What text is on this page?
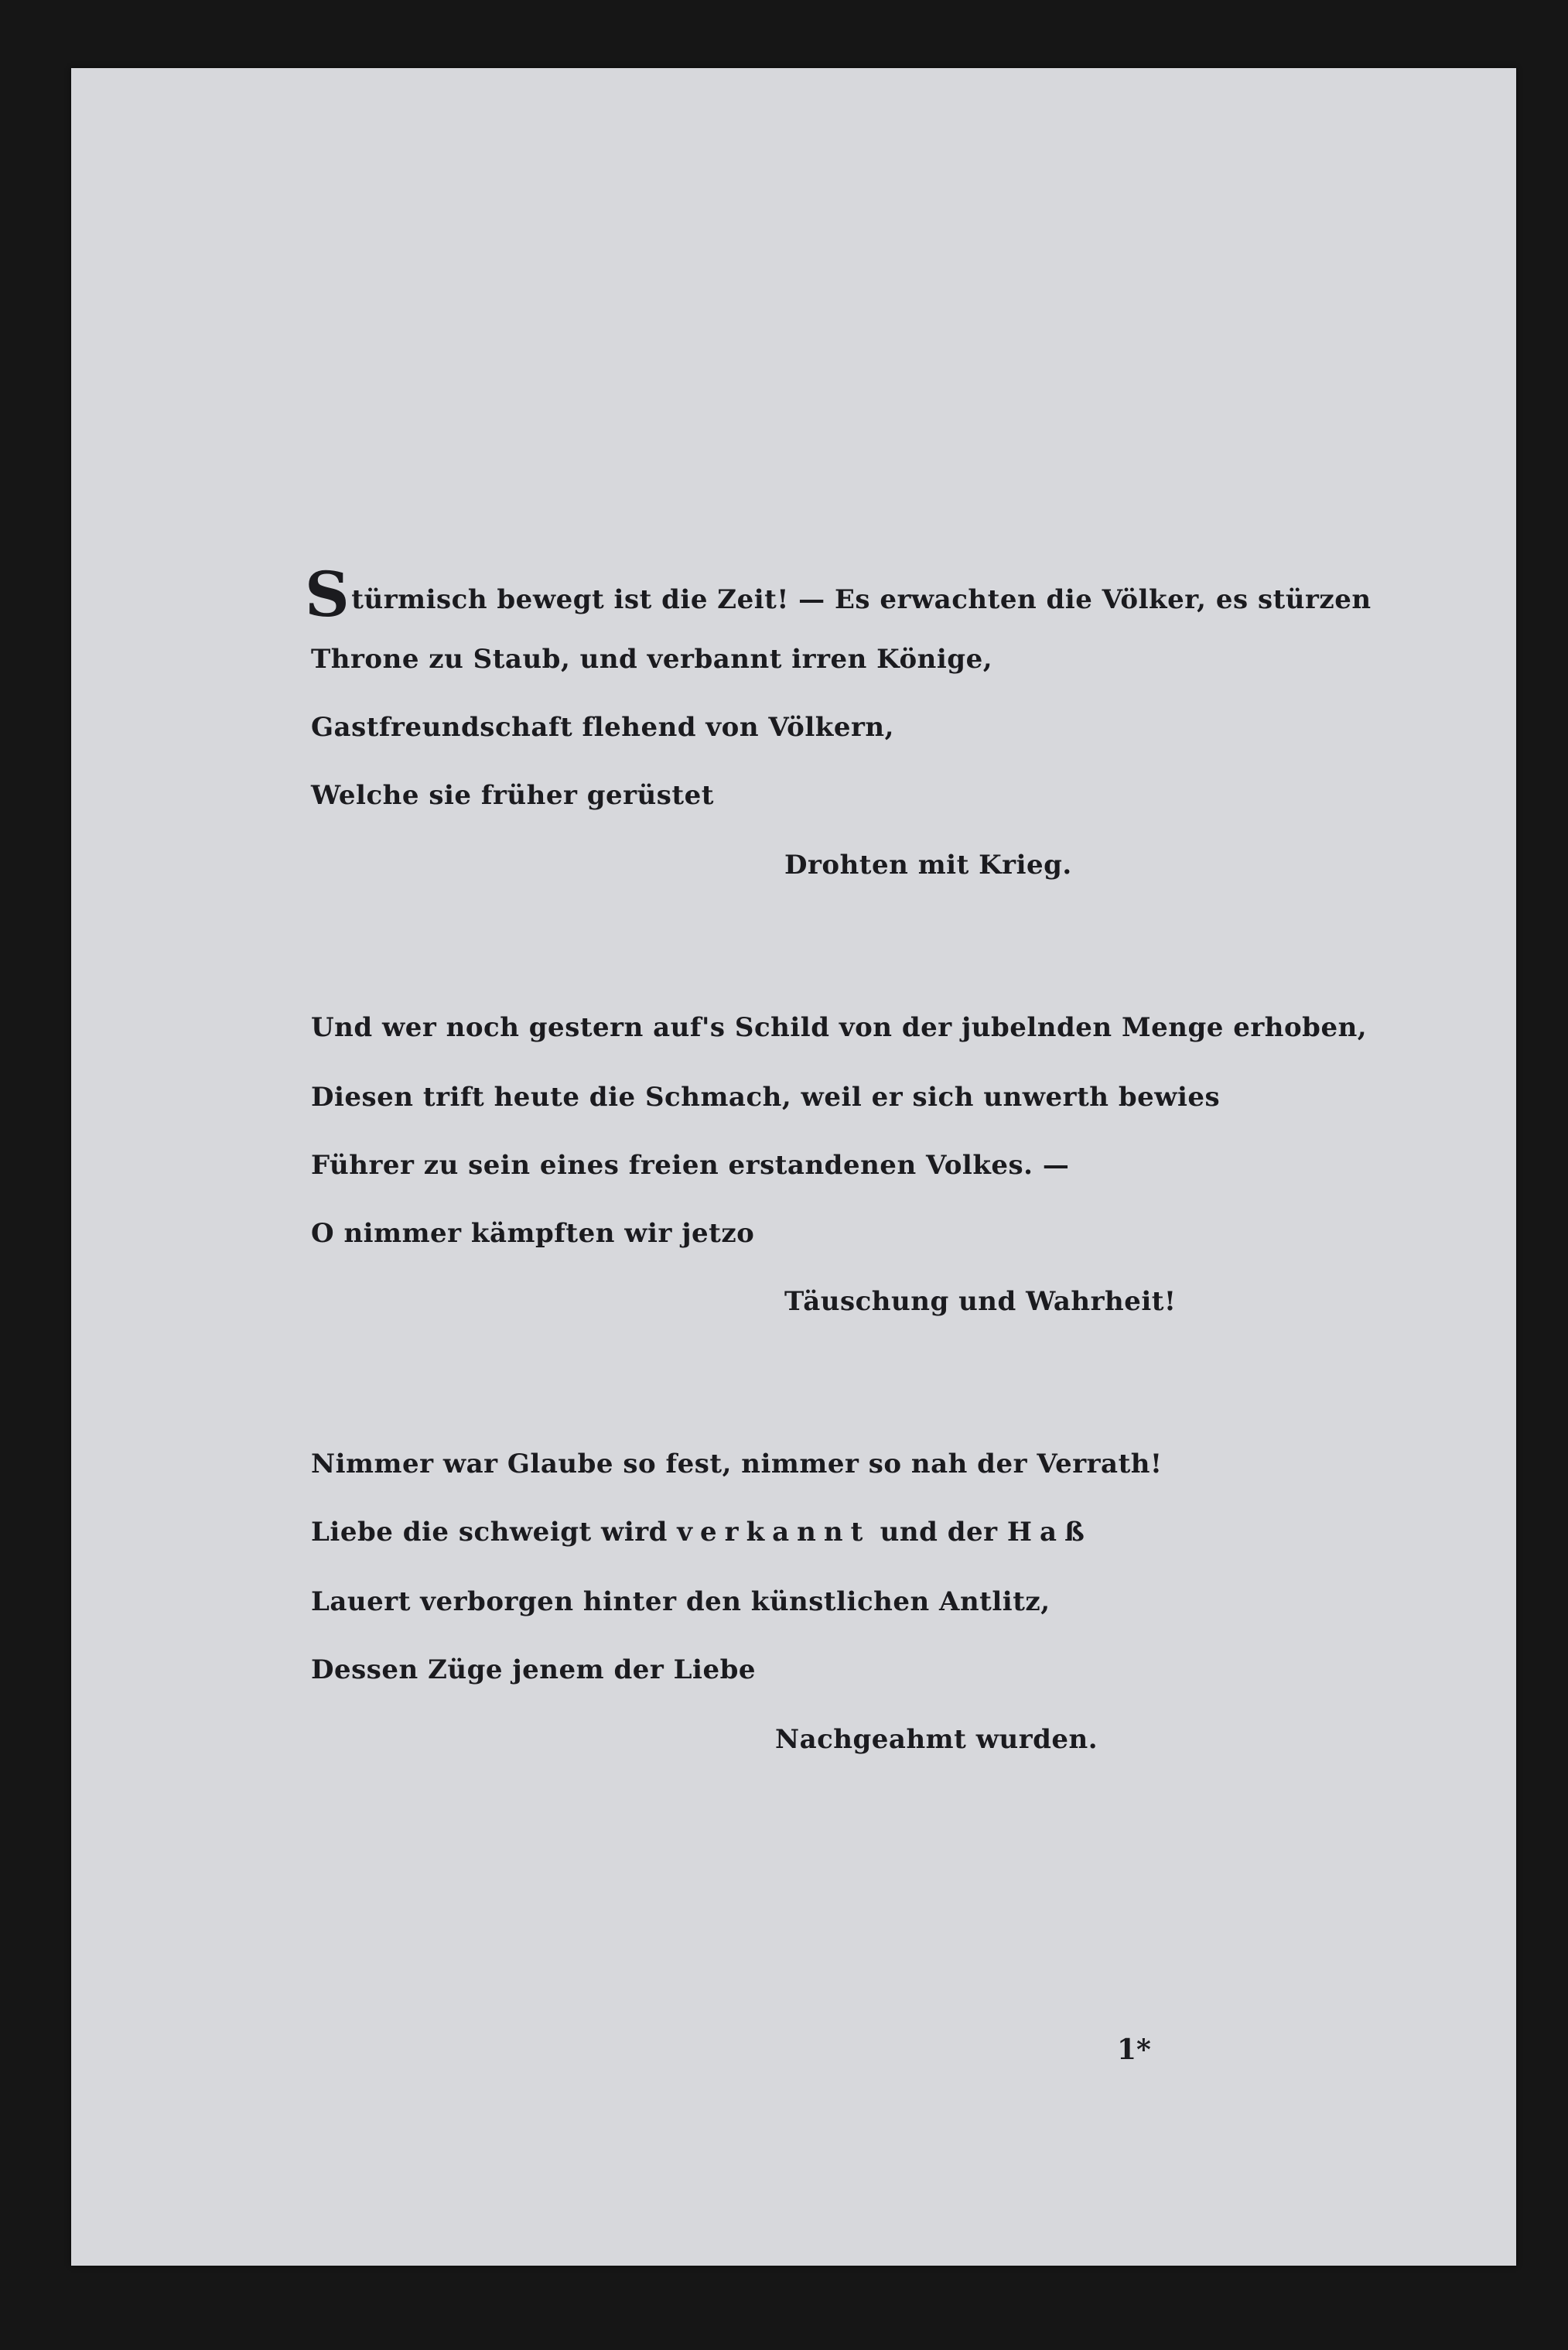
Stürmisch bewegt ist die Zeit! — Es erwachten die Völker, es stürzen
Throne zu Staub, und verbannt irren Könige,
Gastfreundschaft flehend von Völkern,
Welche sie früher gerüstet
Drohten mit Krieg.
Und wer noch gestern auf's Schild von der jubelnden Menge erhoben,
Diesen trift heute die Schmach, weil er sich unwerth bewies
Führer zu sein eines freien erstandenen Volkes. —
O nimmer kämpften wir jetzo
Täuschung und Wahrheit!
Nimmer war Glaube so fest, nimmer so nah der Verrath!
Liebe die schweigt wird verkannt und der Haß
Lauert verborgen hinter den künstlichen Antlitz,
Dessen Züge jenem der Liebe
Nachgeahmt wurden.
1*
